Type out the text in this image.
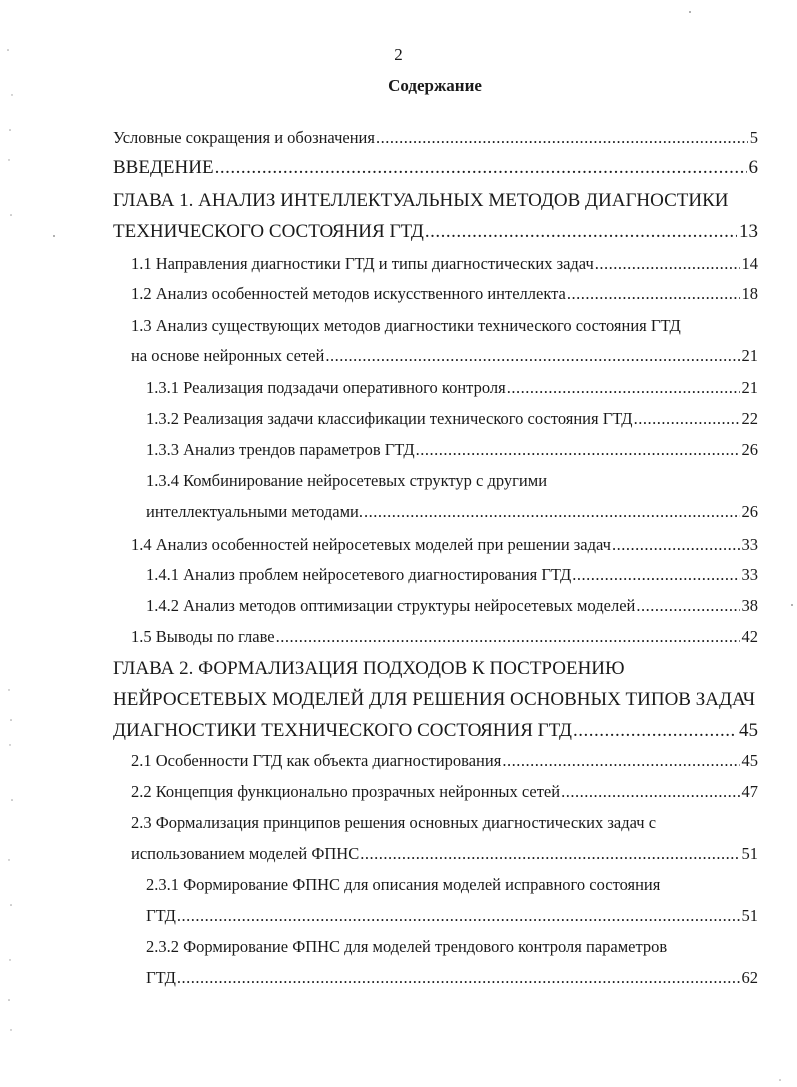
2
Содержание
Условные сокращения и обозначения .....	5
ВВЕДЕНИЕ .....	6
ГЛАВА 1. АНАЛИЗ ИНТЕЛЛЕКТУАЛЬНЫХ МЕТОДОВ ДИАГНОСТИКИ
ТЕХНИЧЕСКОГО СОСТОЯНИЯ ГТД .....	13
1.1 Направления диагностики ГТД и типы диагностических задач .....	14
1.2 Анализ особенностей методов искусственного интеллекта .....	18
1.3 Анализ существующих методов диагностики технического состояния ГТД
на основе нейронных сетей .....	21
1.3.1 Реализация подзадачи оперативного контроля .....	21
1.3.2 Реализация задачи классификации технического состояния ГТД .....	22
1.3.3 Анализ трендов параметров ГТД .....	26
1.3.4 Комбинирование нейросетевых структур с другими
интеллектуальными методами. .....	26
1.4 Анализ особенностей нейросетевых моделей при решении задач .....	33
1.4.1 Анализ проблем нейросетевого диагностирования ГТД .....	33
1.4.2 Анализ методов оптимизации структуры нейросетевых моделей .....	38
1.5 Выводы по главе .....	42
ГЛАВА 2. ФОРМАЛИЗАЦИЯ ПОДХОДОВ К ПОСТРОЕНИЮ
НЕЙРОСЕТЕВЫХ МОДЕЛЕЙ ДЛЯ РЕШЕНИЯ ОСНОВНЫХ ТИПОВ ЗАДАЧ
ДИАГНОСТИКИ ТЕХНИЧЕСКОГО СОСТОЯНИЯ ГТД .....	45
2.1 Особенности ГТД как объекта диагностирования .....	45
2.2 Концепция функционально прозрачных нейронных сетей .....	47
2.3 Формализация принципов решения основных диагностических задач с
использованием моделей ФПНС .....	51
2.3.1 Формирование ФПНС для описания моделей исправного состояния
ГТД .....	51
2.3.2 Формирование ФПНС для моделей трендового контроля параметров
ГТД .....	62
